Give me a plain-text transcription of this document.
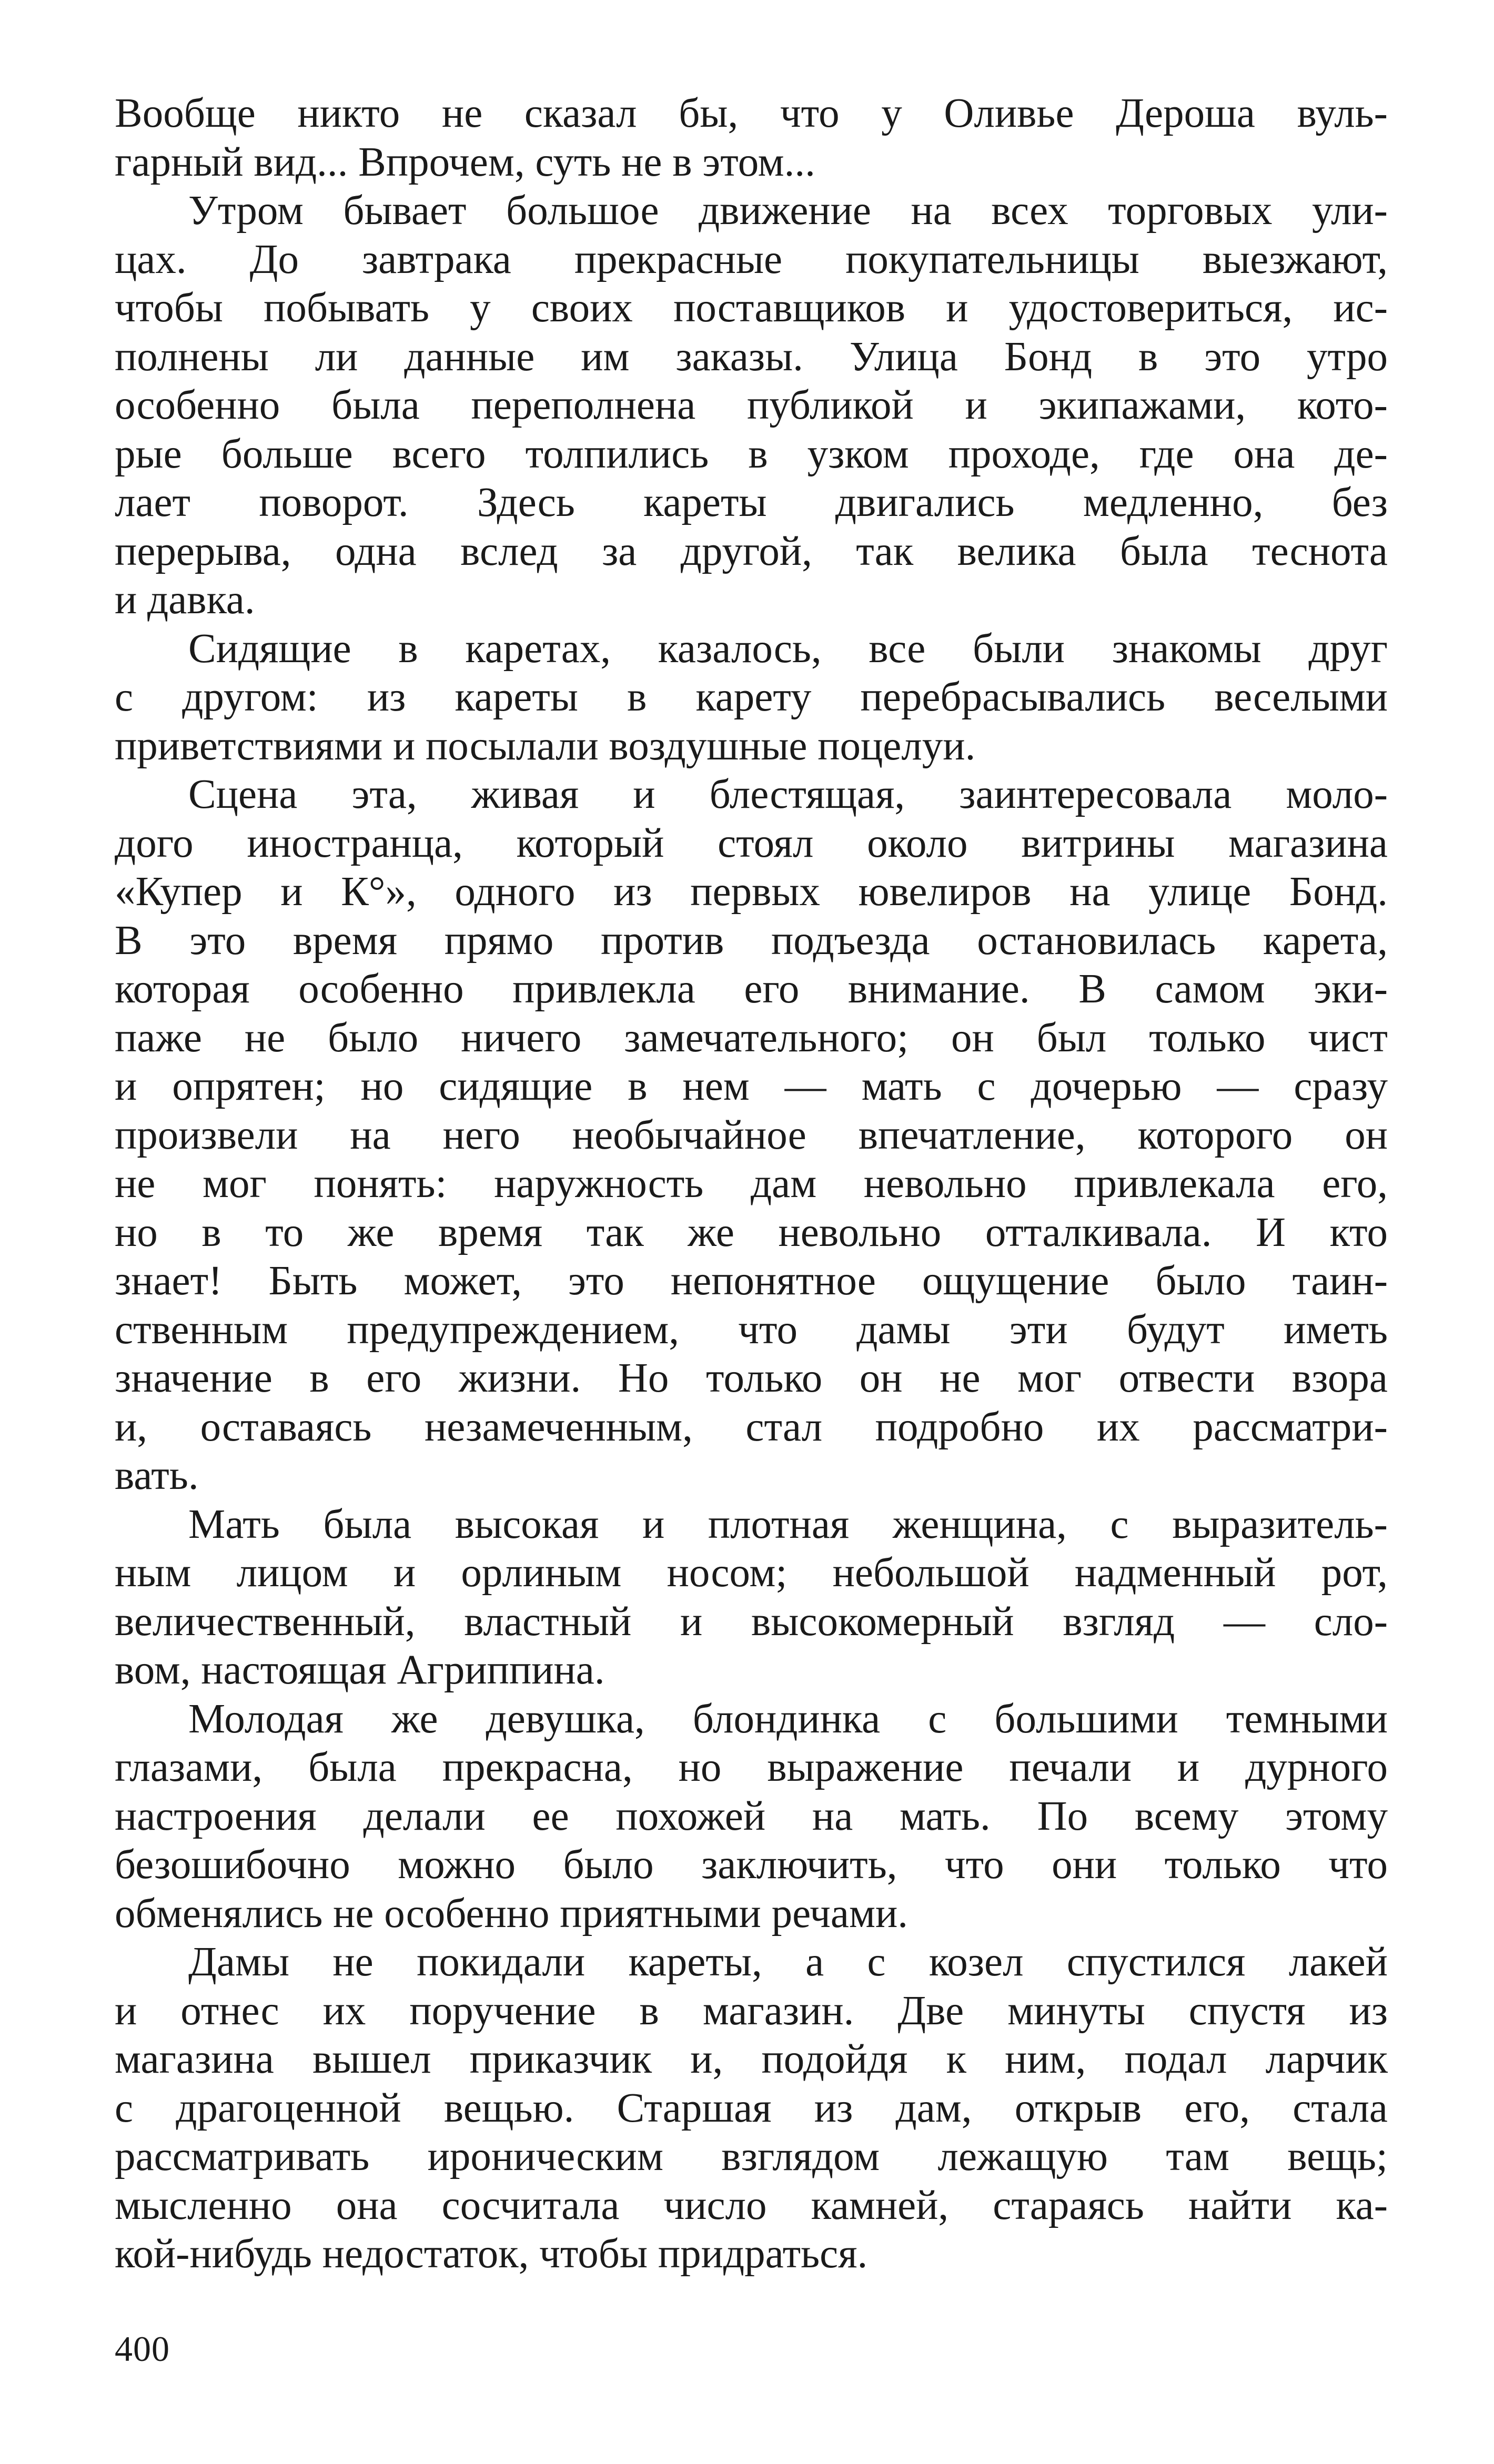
Вообще никто не сказал бы, что у Оливье Дероша вуль-
гарный вид... Впрочем, суть не в этом...
Утром бывает большое движение на всех торговых ули-
цах. До завтрака прекрасные покупательницы выезжают,
чтобы побывать у своих поставщиков и удостовериться, ис-
полнены ли данные им заказы. Улица Бонд в это утро
особенно была переполнена публикой и экипажами, кото-
рые больше всего толпились в узком проходе, где она де-
лает поворот. Здесь кареты двигались медленно, без
перерыва, одна вслед за другой, так велика была теснота
и давка.
Сидящие в каретах, казалось, все были знакомы друг
с другом: из кареты в карету перебрасывались веселыми
приветствиями и посылали воздушные поцелуи.
Сцена эта, живая и блестящая, заинтересовала моло-
дого иностранца, который стоял около витрины магазина
«Купер и К°», одного из первых ювелиров на улице Бонд.
В это время прямо против подъезда остановилась карета,
которая особенно привлекла его внимание. В самом эки-
паже не было ничего замечательного; он был только чист
и опрятен; но сидящие в нем — мать с дочерью — сразу
произвели на него необычайное впечатление, которого он
не мог понять: наружность дам невольно привлекала его,
но в то же время так же невольно отталкивала. И кто
знает! Быть может, это непонятное ощущение было таин-
ственным предупреждением, что дамы эти будут иметь
значение в его жизни. Но только он не мог отвести взора
и, оставаясь незамеченным, стал подробно их рассматри-
вать.
Мать была высокая и плотная женщина, с выразитель-
ным лицом и орлиным носом; небольшой надменный рот,
величественный, властный и высокомерный взгляд — сло-
вом, настоящая Агриппина.
Молодая же девушка, блондинка с большими темными
глазами, была прекрасна, но выражение печали и дурного
настроения делали ее похожей на мать. По всему этому
безошибочно можно было заключить, что они только что
обменялись не особенно приятными речами.
Дамы не покидали кареты, а с козел спустился лакей
и отнес их поручение в магазин. Две минуты спустя из
магазина вышел приказчик и, подойдя к ним, подал ларчик
с драгоценной вещью. Старшая из дам, открыв его, стала
рассматривать ироническим взглядом лежащую там вещь;
мысленно она сосчитала число камней, стараясь найти ка-
кой-нибудь недостаток, чтобы придраться.
400
